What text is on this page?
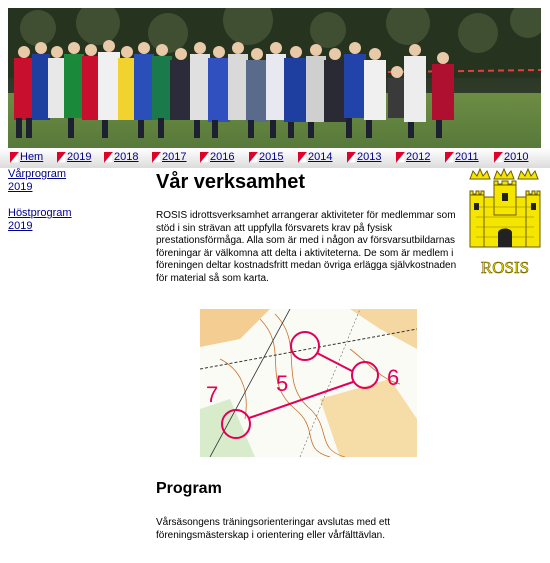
Hem 2019 2018 2017 2016 2015 2014 2013 2012 2011 2010
Vårprogram
2019
Höstprogram
2019
Vår verksamhet

ROSIS idrottsverksamhet arrangerar aktiviteter för medlemmar som stöd i sin strävan att uppfylla försvarets krav på fysisk prestationsförmåga. Alla som är med i någon av försvarsutbildarnas föreningar är välkomna att delta i aktiviteterna. De som är medlem i föreningen deltar kostnadsfritt medan övriga erlägga självkostnaden för material så som karta.

5	6
7
Program

Vårsäsongens träningsorienteringar avslutas med ett föreningsmästerskap i orientering eller vårfälttävlan.

ROSIS
